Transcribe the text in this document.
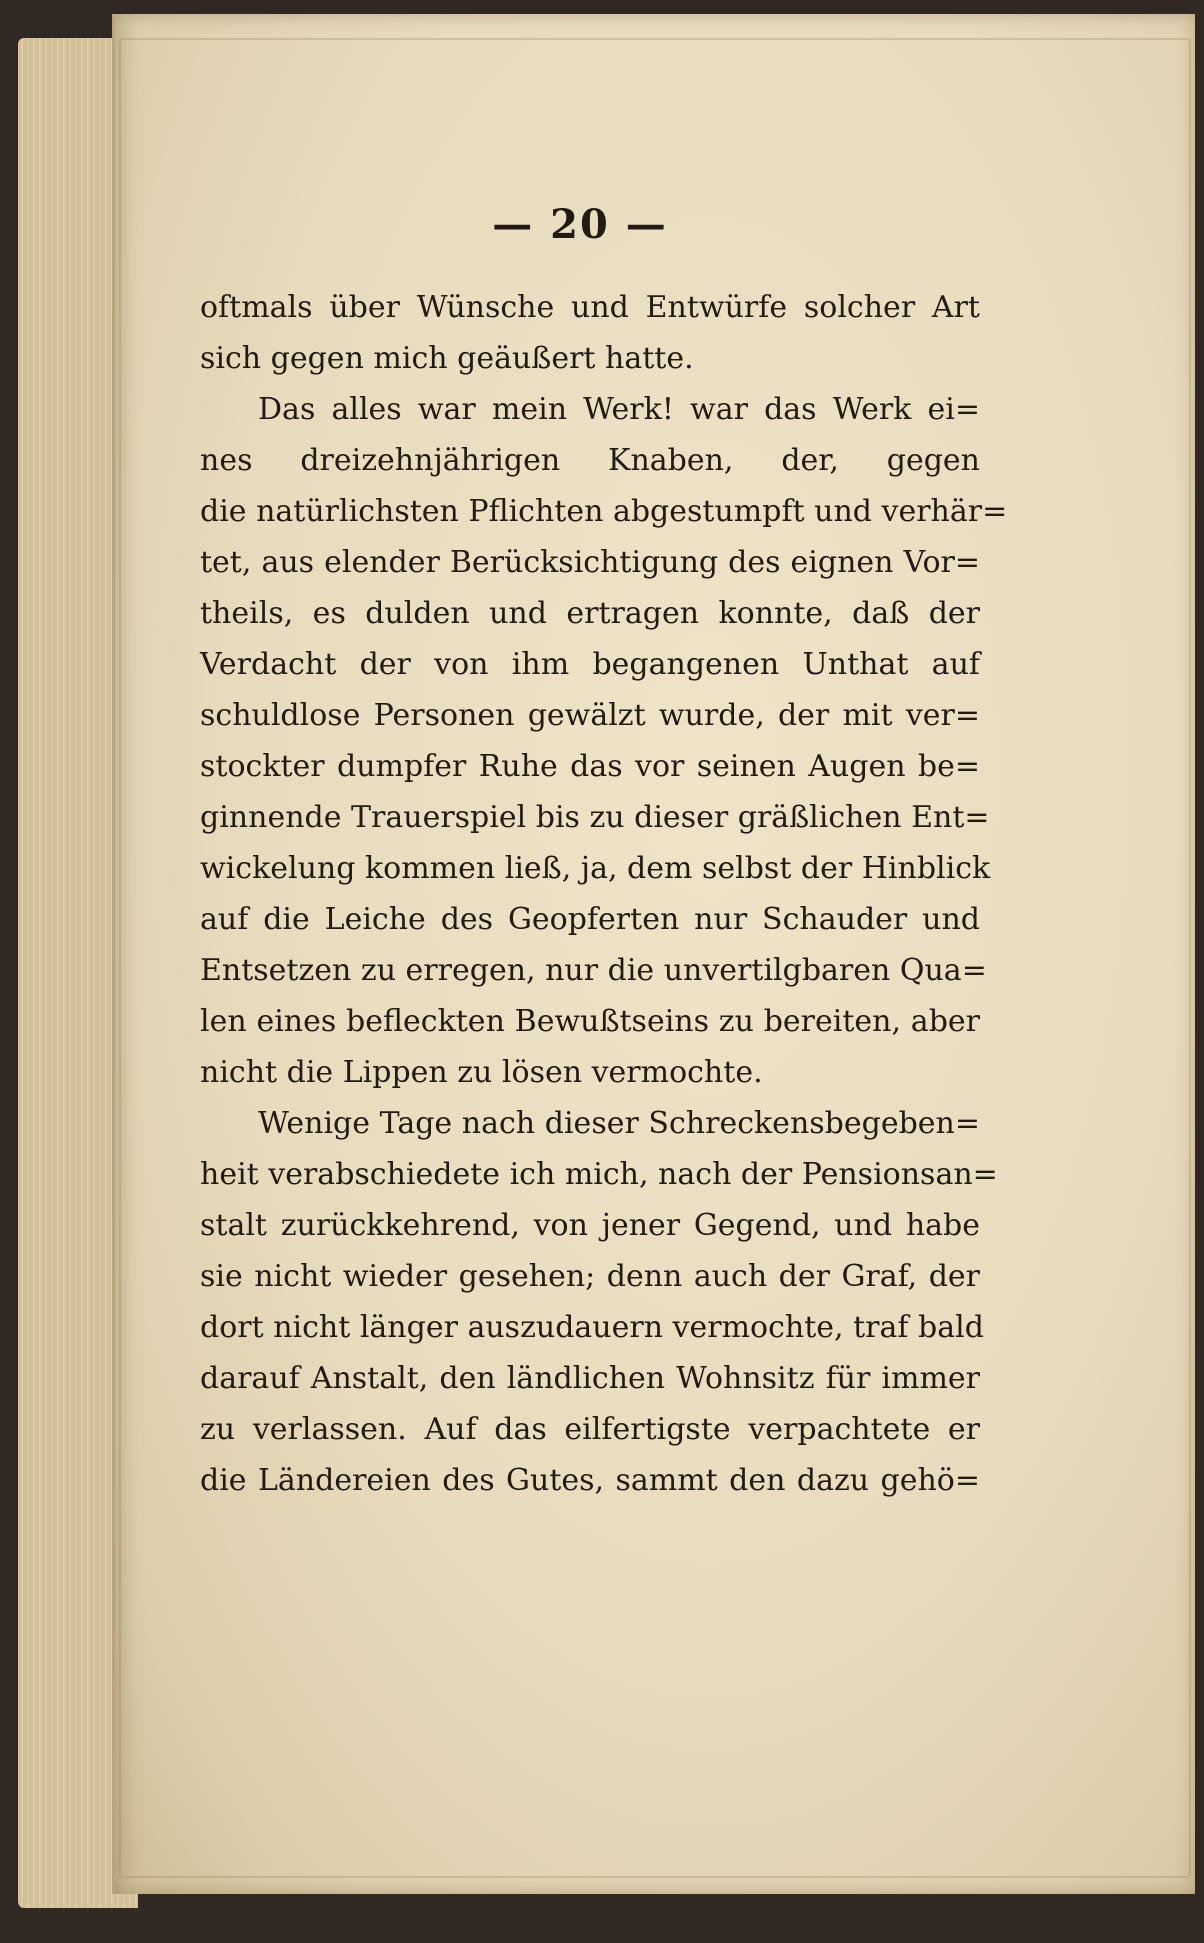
— 20 —
oftmals über Wünsche und Entwürfe solcher Art
sich gegen mich geäußert hatte.
Das alles war mein Werk! war das Werk ei=
nes dreizehnjährigen Knaben, der, gegen
die natürlichsten Pflichten abgestumpft und verhär=
tet, aus elender Berücksichtigung des eignen Vor=
theils, es dulden und ertragen konnte, daß der
Verdacht der von ihm begangenen Unthat auf
schuldlose Personen gewälzt wurde, der mit ver=
stockter dumpfer Ruhe das vor seinen Augen be=
ginnende Trauerspiel bis zu dieser gräßlichen Ent=
wickelung kommen ließ, ja, dem selbst der Hinblick
auf die Leiche des Geopferten nur Schauder und
Entsetzen zu erregen, nur die unvertilgbaren Qua=
len eines befleckten Bewußtseins zu bereiten, aber
nicht die Lippen zu lösen vermochte.
Wenige Tage nach dieser Schreckensbegeben=
heit verabschiedete ich mich, nach der Pensionsan=
stalt zurückkehrend, von jener Gegend, und habe
sie nicht wieder gesehen; denn auch der Graf, der
dort nicht länger auszudauern vermochte, traf bald
darauf Anstalt, den ländlichen Wohnsitz für immer
zu verlassen. Auf das eilfertigste verpachtete er
die Ländereien des Gutes, sammt den dazu gehö=
